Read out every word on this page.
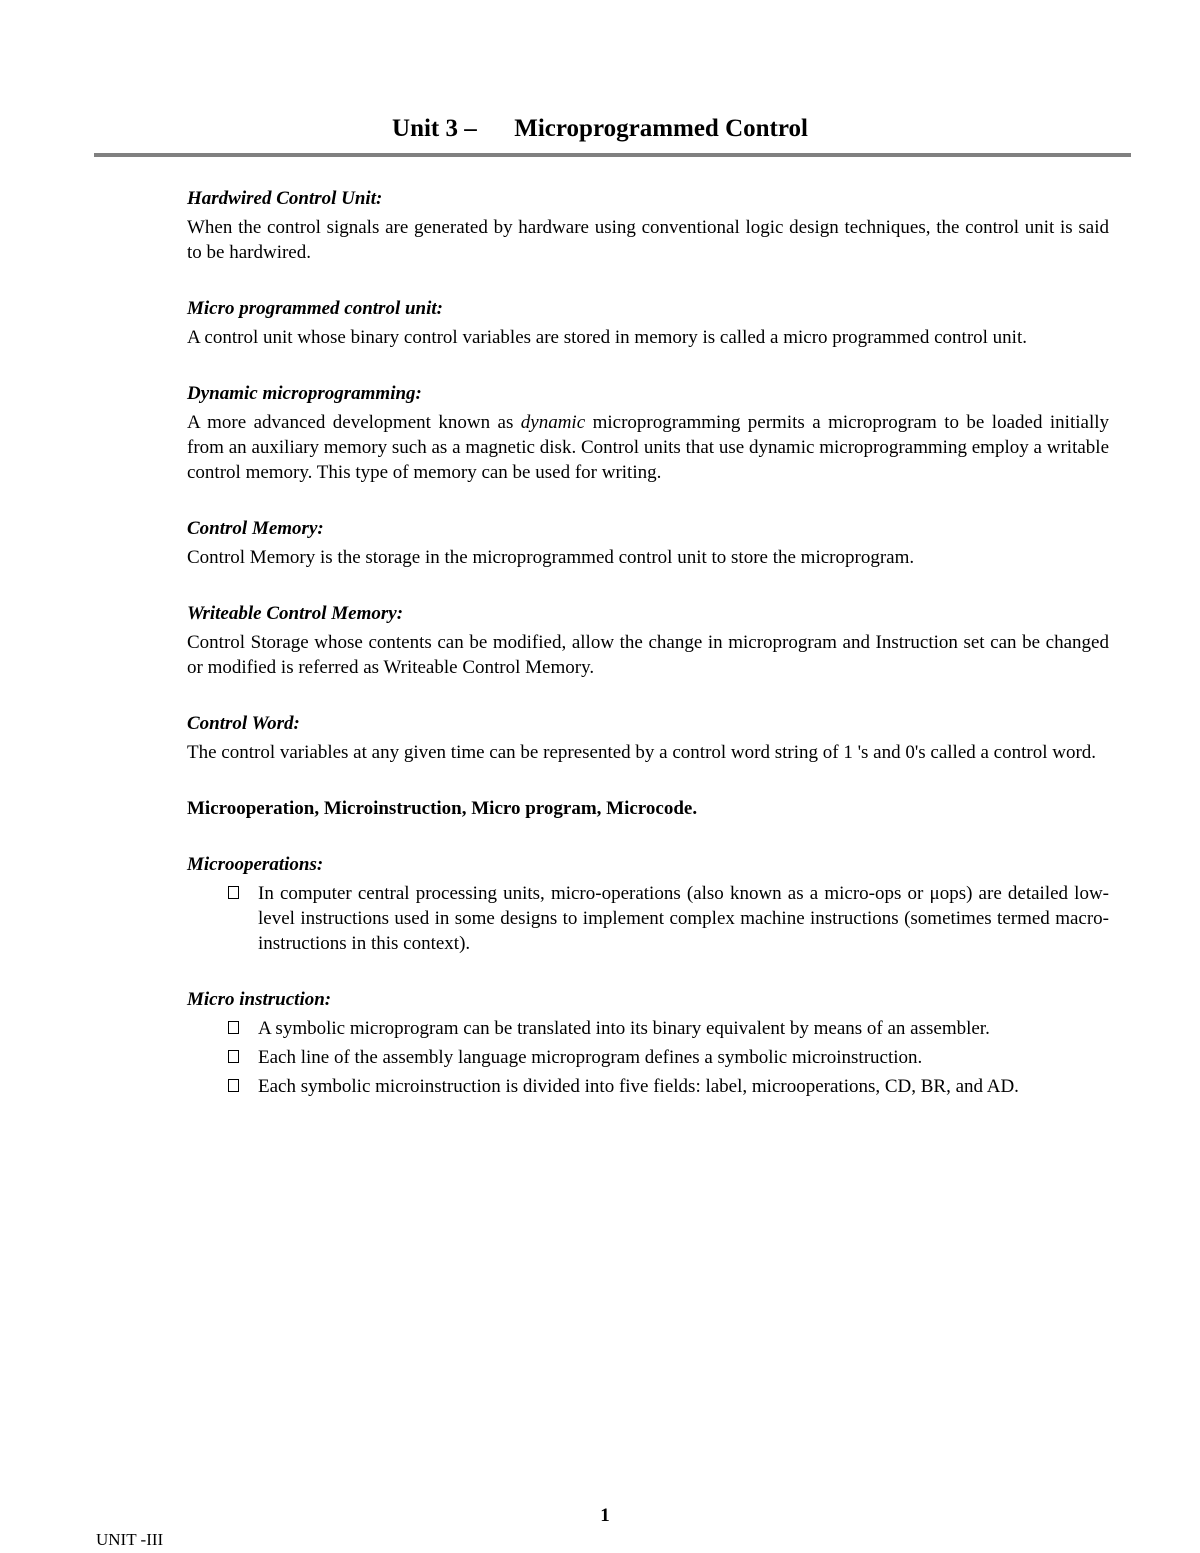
Unit 3 –      Microprogrammed Control
Hardwired Control Unit:
When the control signals are generated by hardware using conventional logic design techniques, the control unit is said to be hardwired.
Micro programmed control unit:
A control unit whose binary control variables are stored in memory is called a micro programmed control unit.
Dynamic microprogramming:
A more advanced development known as dynamic microprogramming permits a microprogram to be loaded initially from an auxiliary memory such as a magnetic disk. Control units that use dynamic microprogramming employ a writable control memory. This type of memory can be used for writing.
Control Memory:
Control Memory is the storage in the microprogrammed control unit to store the microprogram.
Writeable Control Memory:
Control Storage whose contents can be modified, allow the change in microprogram and Instruction set can be changed or modified is referred as Writeable Control Memory.
Control Word:
The control variables at any given time can be represented by a control word string of 1 's and 0's called a control word.
Microoperation, Microinstruction, Micro program, Microcode.
Microoperations:
In computer central processing units, micro-operations (also known as a micro-ops or μops) are detailed low-level instructions used in some designs to implement complex machine instructions (sometimes termed macro-instructions in this context).
Micro instruction:
A symbolic microprogram can be translated into its binary equivalent by means of an assembler.
Each line of the assembly language microprogram defines a symbolic microinstruction.
Each symbolic microinstruction is divided into five fields: label, microoperations, CD, BR, and AD.
1
UNIT -III
